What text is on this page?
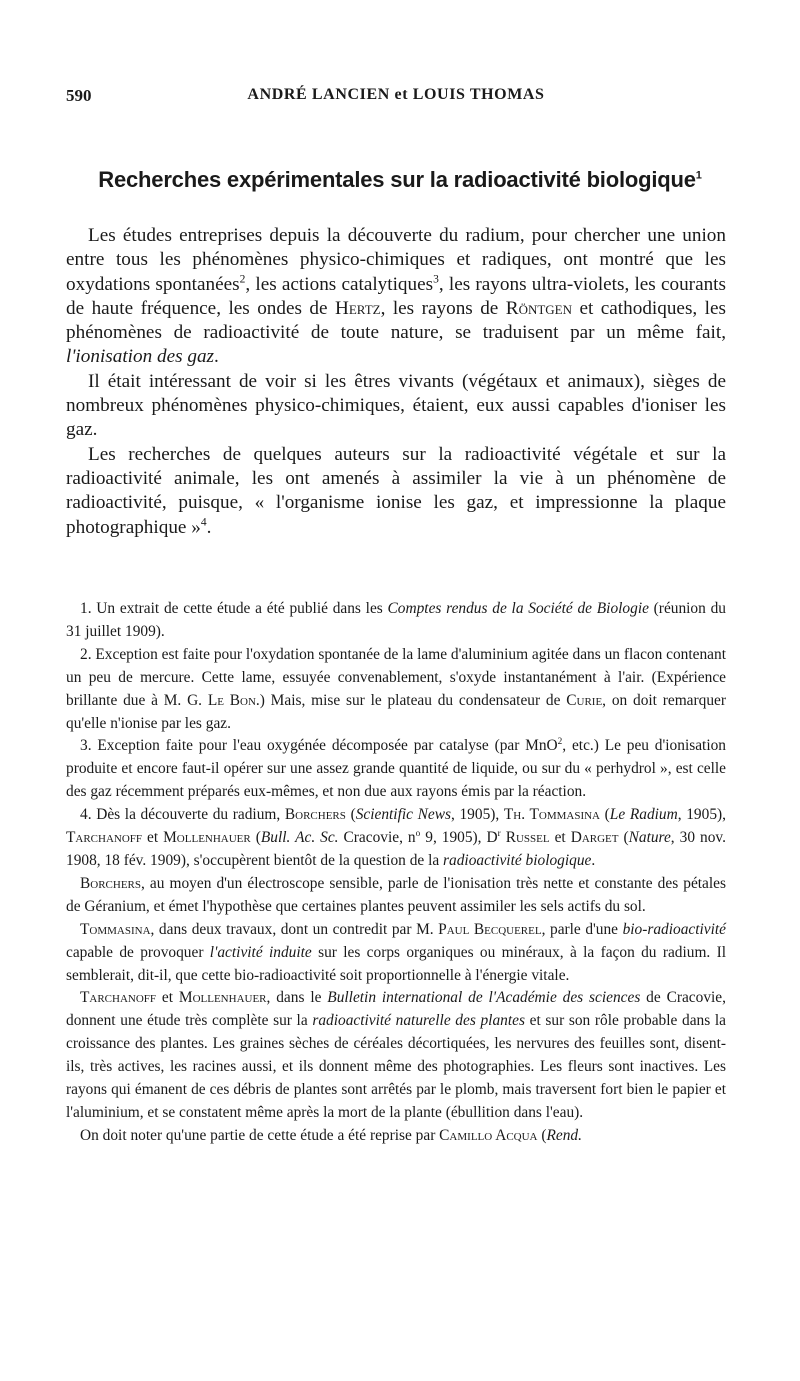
590	ANDRÉ LANCIEN et LOUIS THOMAS
Recherches expérimentales sur la radioactivité biologique$^1$

Les études entreprises depuis la découverte du radium, pour chercher une union entre tous les phénomènes physico-chimiques et radiques, ont montré que les oxydations spontanées$^2$, les actions catalytiques$^3$, les rayons ultra-violets, les courants de haute fréquence, les ondes de Hertz, les rayons de Röntgen et cathodiques, les phénomènes de radioactivité de toute nature, se traduisent par un même fait, l'ionisation des gaz.

Il était intéressant de voir si les êtres vivants (végétaux et animaux), sièges de nombreux phénomènes physico-chimiques, étaient, eux aussi capables d'ioniser les gaz.

Les recherches de quelques auteurs sur la radioactivité végétale et sur la radioactivité animale, les ont amenés à assimiler la vie à un phénomène de radioactivité, puisque, « l'organisme ionise les gaz, et impressionne la plaque photographique »$^4$.

1. Un extrait de cette étude a été publié dans les Comptes rendus de la Société de Biologie (réunion du 31 juillet 1909).

2. Exception est faite pour l'oxydation spontanée de la lame d'aluminium agitée dans un flacon contenant un peu de mercure. Cette lame, essuyée convenablement, s'oxyde instantanément à l'air. (Expérience brillante due à M. G. Le Bon.) Mais, mise sur le plateau du condensateur de Curie, on doit remarquer qu'elle n'ionise par les gaz.

3. Exception faite pour l'eau oxygénée décomposée par catalyse (par MnO$^2$, etc.) Le peu d'ionisation produite et encore faut-il opérer sur une assez grande quantité de liquide, ou sur du « perhydrol », est celle des gaz récemment préparés eux-mêmes, et non due aux rayons émis par la réaction.

4. Dès la découverte du radium, Borchers (Scientific News, 1905), Th. Tommasina (Le Radium, 1905), Tarchanoff et Mollenhauer (Bull. Ac. Sc. Cracovie, $n^o$ 9, 1905), $D^r$ Russel et Darget (Nature, 30 nov. 1908, 18 fév. 1909), s'occupèrent bientôt de la question de la radioactivité biologique.

Borchers, au moyen d'un électroscope sensible, parle de l'ionisation très nette et constante des pétales de Géranium, et émet l'hypothèse que certaines plantes peuvent assimiler les sels actifs du sol.

Tommasina, dans deux travaux, dont un contredit par M. Paul Becquerel, parle d'une bio-radioactivité capable de provoquer l'activité induite sur les corps organiques ou minéraux, à la façon du radium. Il semblerait, dit-il, que cette bio-radioactivité soit proportionnelle à l'énergie vitale.

Tarchanoff et Mollenhauer, dans le Bulletin international de l'Académie des sciences de Cracovie, donnent une étude très complète sur la radioactivité naturelle des plantes et sur son rôle probable dans la croissance des plantes. Les graines sèches de céréales décortiquées, les nervures des feuilles sont, disent-ils, très actives, les racines aussi, et ils donnent même des photographies. Les fleurs sont inactives. Les rayons qui émanent de ces débris de plantes sont arrêtés par le plomb, mais traversent fort bien le papier et l'aluminium, et se constatent même après la mort de la plante (ébullition dans l'eau).

On doit noter qu'une partie de cette étude a été reprise par Camillo Acqua (Rend.
